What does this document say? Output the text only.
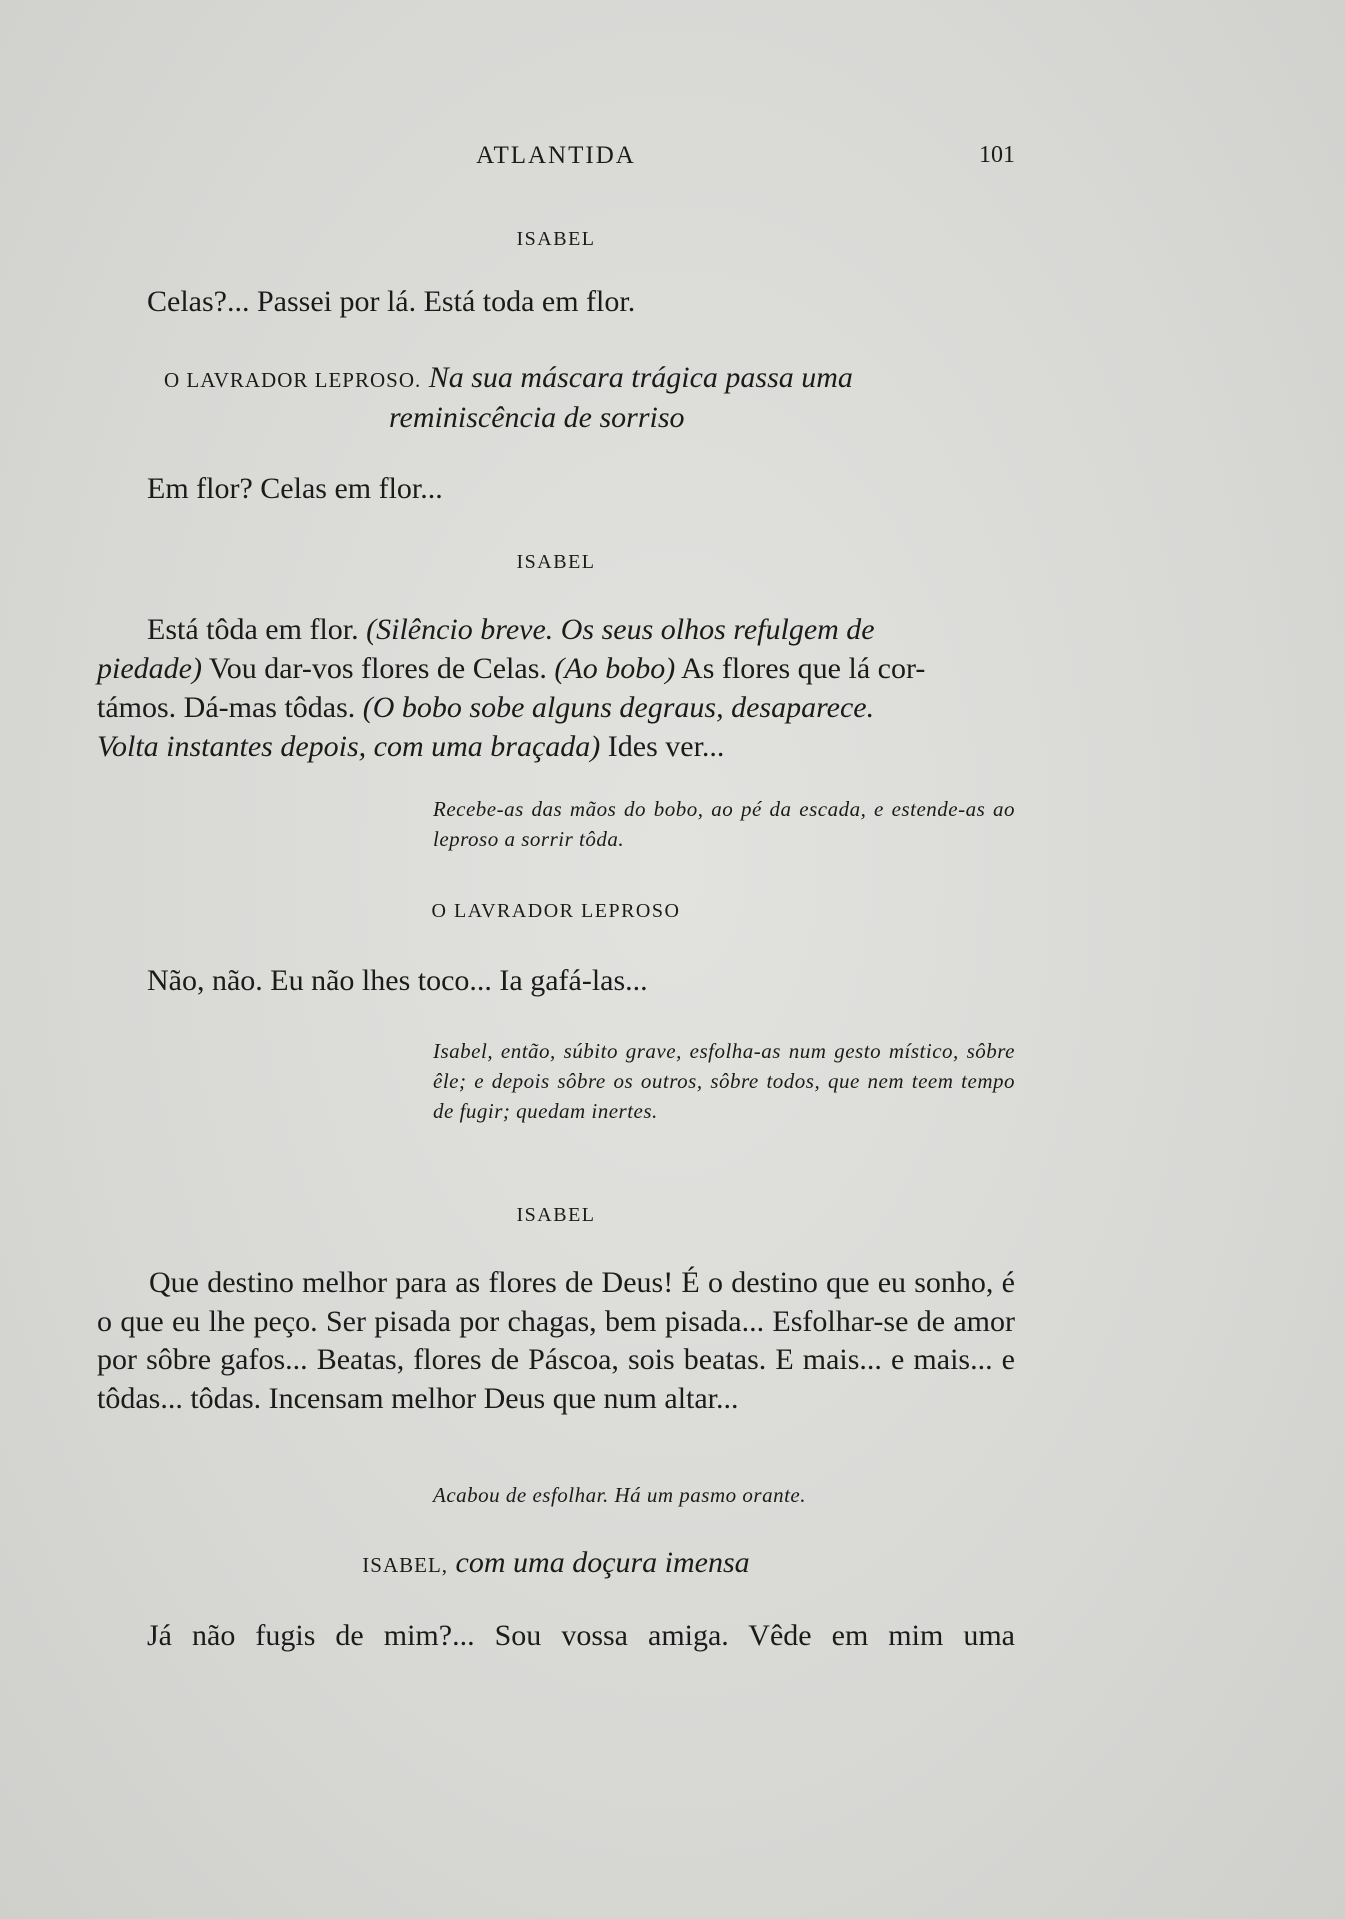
ATLANTIDA	101
ISABEL
Celas?... Passei por lá. Está toda em flor.
O LAVRADOR LEPROSO. Na sua máscara trágica passa uma
reminiscência de sorriso
Em flor? Celas em flor...
ISABEL
Está tôda em flor. (Silêncio breve. Os seus olhos refulgem de
piedade) Vou dar-vos flores de Celas. (Ao bobo) As flores que lá cor-
támos. Dá-mas tôdas. (O bobo sobe alguns degraus, desaparece.
Volta instantes depois, com uma braçada) Ides ver...
Recebe-as das mãos do bobo, ao pé da escada, e estende-as ao leproso a sorrir tôda.
O LAVRADOR LEPROSO
Não, não. Eu não lhes toco... Ia gafá-las...
Isabel, então, súbito grave, esfolha-as num gesto místico, sôbre êle; e depois sôbre os outros, sôbre todos, que nem teem tempo de fugir; quedam inertes.
ISABEL
Que destino melhor para as flores de Deus! É o destino que eu sonho, é o que eu lhe peço. Ser pisada por chagas, bem pisada... Esfolhar-se de amor por sôbre gafos... Beatas, flores de Páscoa, sois beatas. E mais... e mais... e tôdas... tôdas. Incensam melhor Deus que num altar...
Acabou de esfolhar. Há um pasmo orante.
ISABEL, com uma doçura imensa
Já não fugis de mim?... Sou vossa amiga. Vêde em mim uma
